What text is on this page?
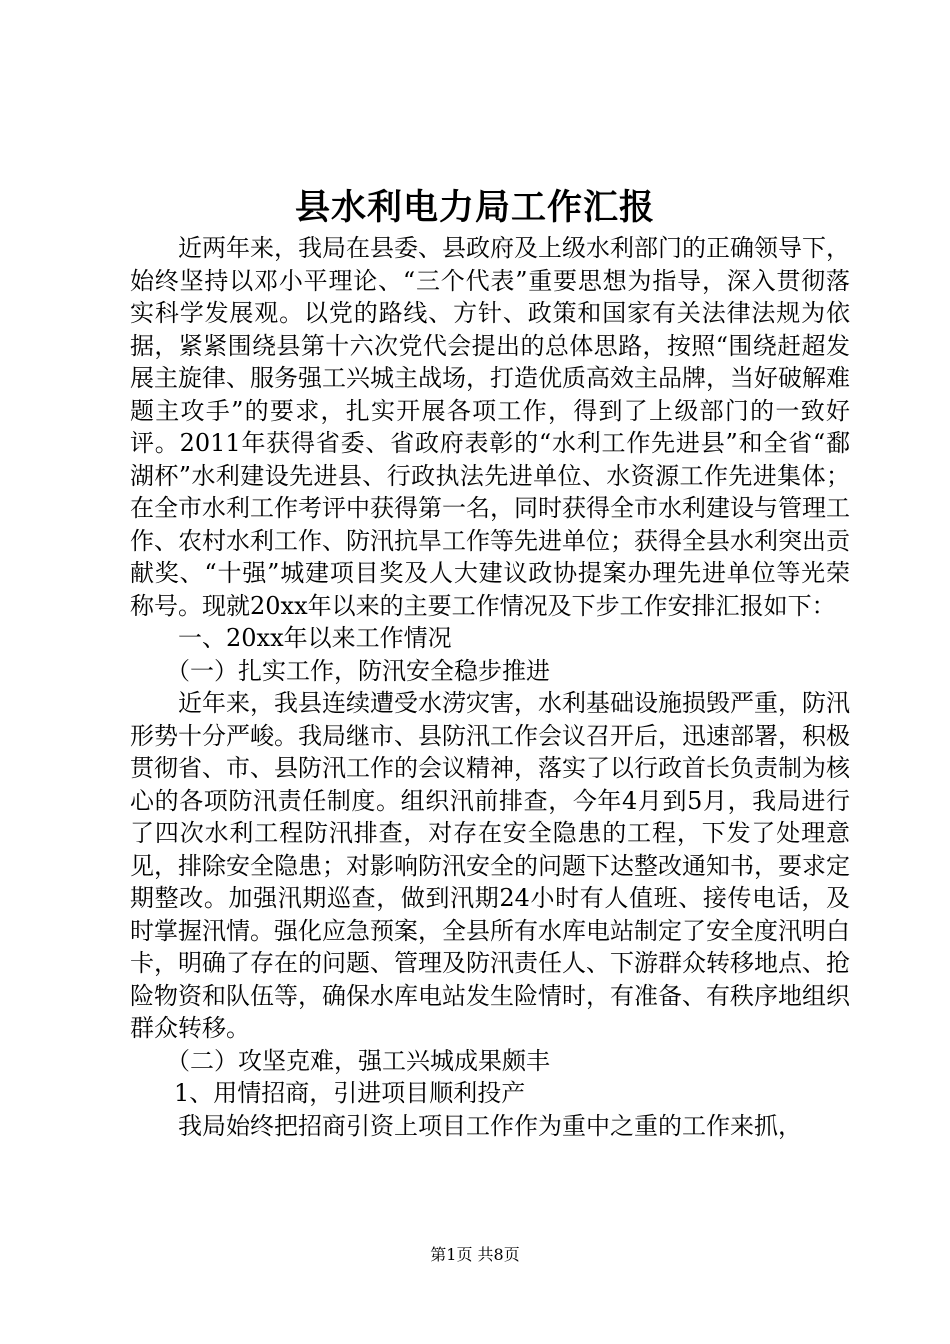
县水利电力局工作汇报

近两年来，我局在县委、县政府及上级水利部门的正确领导下，始终坚持以邓小平理论、“三个代表”重要思想为指导，深入贯彻落实科学发展观。以党的路线、方针、政策和国家有关法律法规为依据，紧紧围绕县第十六次党代会提出的总体思路，按照“围绕赶超发展主旋律、服务强工兴城主战场，打造优质高效主品牌，当好破解难题主攻手”的要求，扎实开展各项工作，得到了上级部门的一致好评。2011年获得省委、省政府表彰的“水利工作先进县”和全省“鄱湖杯”水利建设先进县、行政执法先进单位、水资源工作先进集体；在全市水利工作考评中获得第一名，同时获得全市水利建设与管理工作、农村水利工作、防汛抗旱工作等先进单位；获得全县水利突出贡献奖、“十强”城建项目奖及人大建议政协提案办理先进单位等光荣称号。现就20xx年以来的主要工作情况及下步工作安排汇报如下：

一、20xx年以来工作情况

（一）扎实工作，防汛安全稳步推进

近年来，我县连续遭受水涝灾害，水利基础设施损毁严重，防汛形势十分严峻。我局继市、县防汛工作会议召开后，迅速部署，积极贯彻省、市、县防汛工作的会议精神，落实了以行政首长负责制为核心的各项防汛责任制度。组织汛前排查，今年4月到5月，我局进行了四次水利工程防汛排查，对存在安全隐患的工程，下发了处理意见，排除安全隐患；对影响防汛安全的问题下达整改通知书，要求定期整改。加强汛期巡查，做到汛期24小时有人值班、接传电话，及时掌握汛情。强化应急预案，全县所有水库电站制定了安全度汛明白卡，明确了存在的问题、管理及防汛责任人、下游群众转移地点、抢险物资和队伍等，确保水库电站发生险情时，有准备、有秩序地组织群众转移。

（二）攻坚克难，强工兴城成果颇丰

1、用情招商，引进项目顺利投产

我局始终把招商引资上项目工作作为重中之重的工作来抓，

第1页 共8页
